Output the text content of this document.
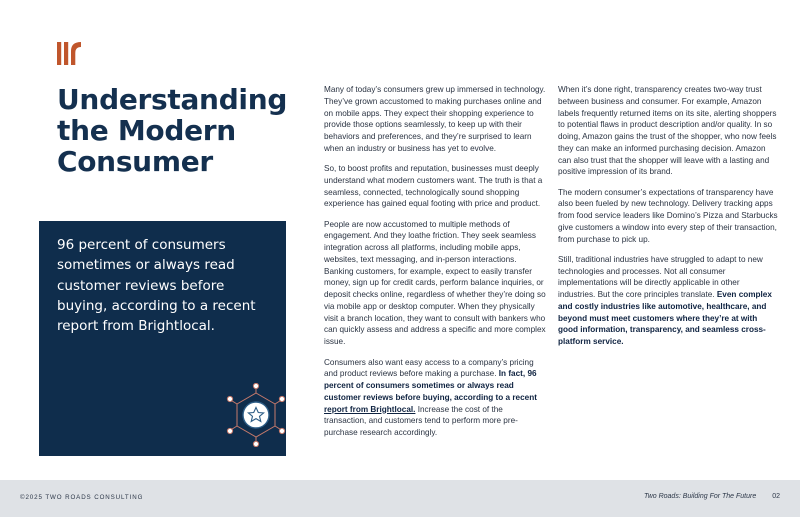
Understanding the Modern Consumer
96 percent of consumers sometimes or always read customer reviews before buying, according to a recent report from Brightlocal.

Many of today’s consumers grew up immersed in technology. They’ve grown accustomed to making purchases online and on mobile apps. They expect their shopping experience to provide those options seamlessly, to keep up with their behaviors and preferences, and they’re surprised to learn when an industry or business has yet to evolve.

So, to boost profits and reputation, businesses must deeply understand what modern customers want. The truth is that a seamless, connected, technologically sound shopping experience has gained equal footing with price and product.

People are now accustomed to multiple methods of engagement. And they loathe friction. They seek seamless integration across all platforms, including mobile apps, websites, text messaging, and in-person interactions. Banking customers, for example, expect to easily transfer money, sign up for credit cards, perform balance inquiries, or deposit checks online, regardless of whether they’re doing so via mobile app or desktop computer. When they physically visit a branch location, they want to consult with bankers who can quickly assess and address a specific and more complex issue.

Consumers also want easy access to a company’s pricing and product reviews before making a purchase. In fact, 96 percent of consumers sometimes or always read customer reviews before buying, according to a recent report from Brightlocal. Increase the cost of the transaction, and customers tend to perform more pre-purchase research accordingly.

When it’s done right, transparency creates two-way trust between business and consumer. For example, Amazon labels frequently returned items on its site, alerting shoppers to potential flaws in product description and/or quality. In so doing, Amazon gains the trust of the shopper, who now feels they can make an informed purchasing decision. Amazon can also trust that the shopper will leave with a lasting and positive impression of its brand.

The modern consumer’s expectations of transparency have also been fueled by new technology. Delivery tracking apps from food service leaders like Domino’s Pizza and Starbucks give customers a window into every step of their transaction, from purchase to pick up.

Still, traditional industries have struggled to adapt to new technologies and processes. Not all consumer implementations will be directly applicable in other industries. But the core principles translate. Even complex and costly industries like automotive, healthcare, and beyond must meet customers where they’re at with good information, transparency, and seamless cross-platform service.

©2025 TWO ROADS CONSULTING	Two Roads: Building For The Future 02
